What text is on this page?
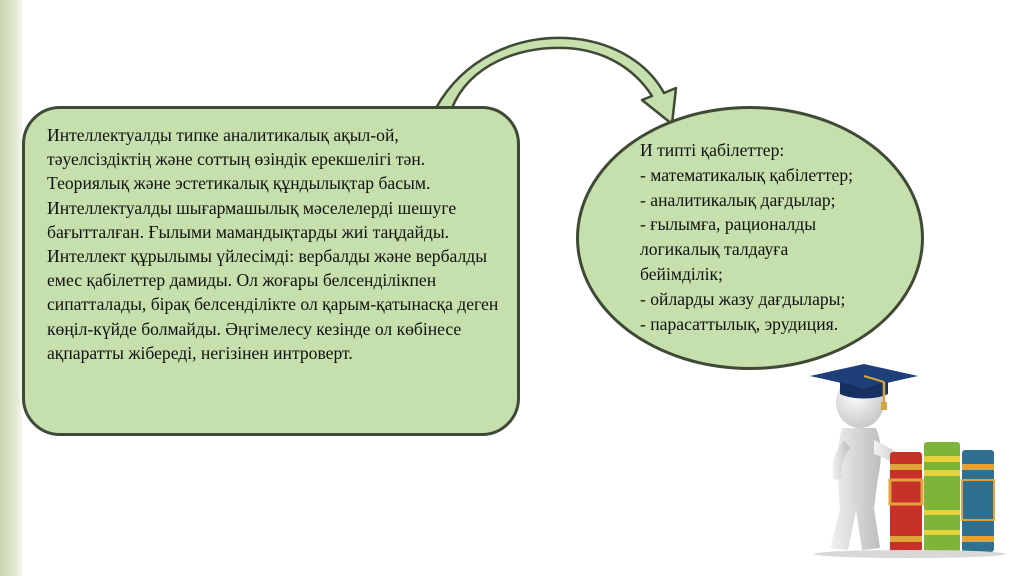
Интеллектуалды типке аналитикалық ақыл-ой, тәуелсіздіктің және соттың өзіндік ерекшелігі тән. Теориялық және эстетикалық құндылықтар басым. Интеллектуалды шығармашылық мәселелерді шешуге бағытталған. Ғылыми мамандықтарды жиі таңдайды. Интеллект құрылымы үйлесімді: вербалды және вербалды емес қабілеттер дамиды. Ол жоғары белсенділікпен сипатталады, бірақ белсенділікте ол қарым-қатынасқа деген көңіл-күйде болмайды. Әңгімелесу кезінде ол көбінесе ақпаратты жібереді, негізінен интроверт.
И типті қабілеттер:
- математикалық қабілеттер;
- аналитикалық дағдылар;
- ғылымға, рационалды
логикалық талдауға
бейімділік;
- ойларды жазу дағдылары;
- парасаттылық, эрудиция.
